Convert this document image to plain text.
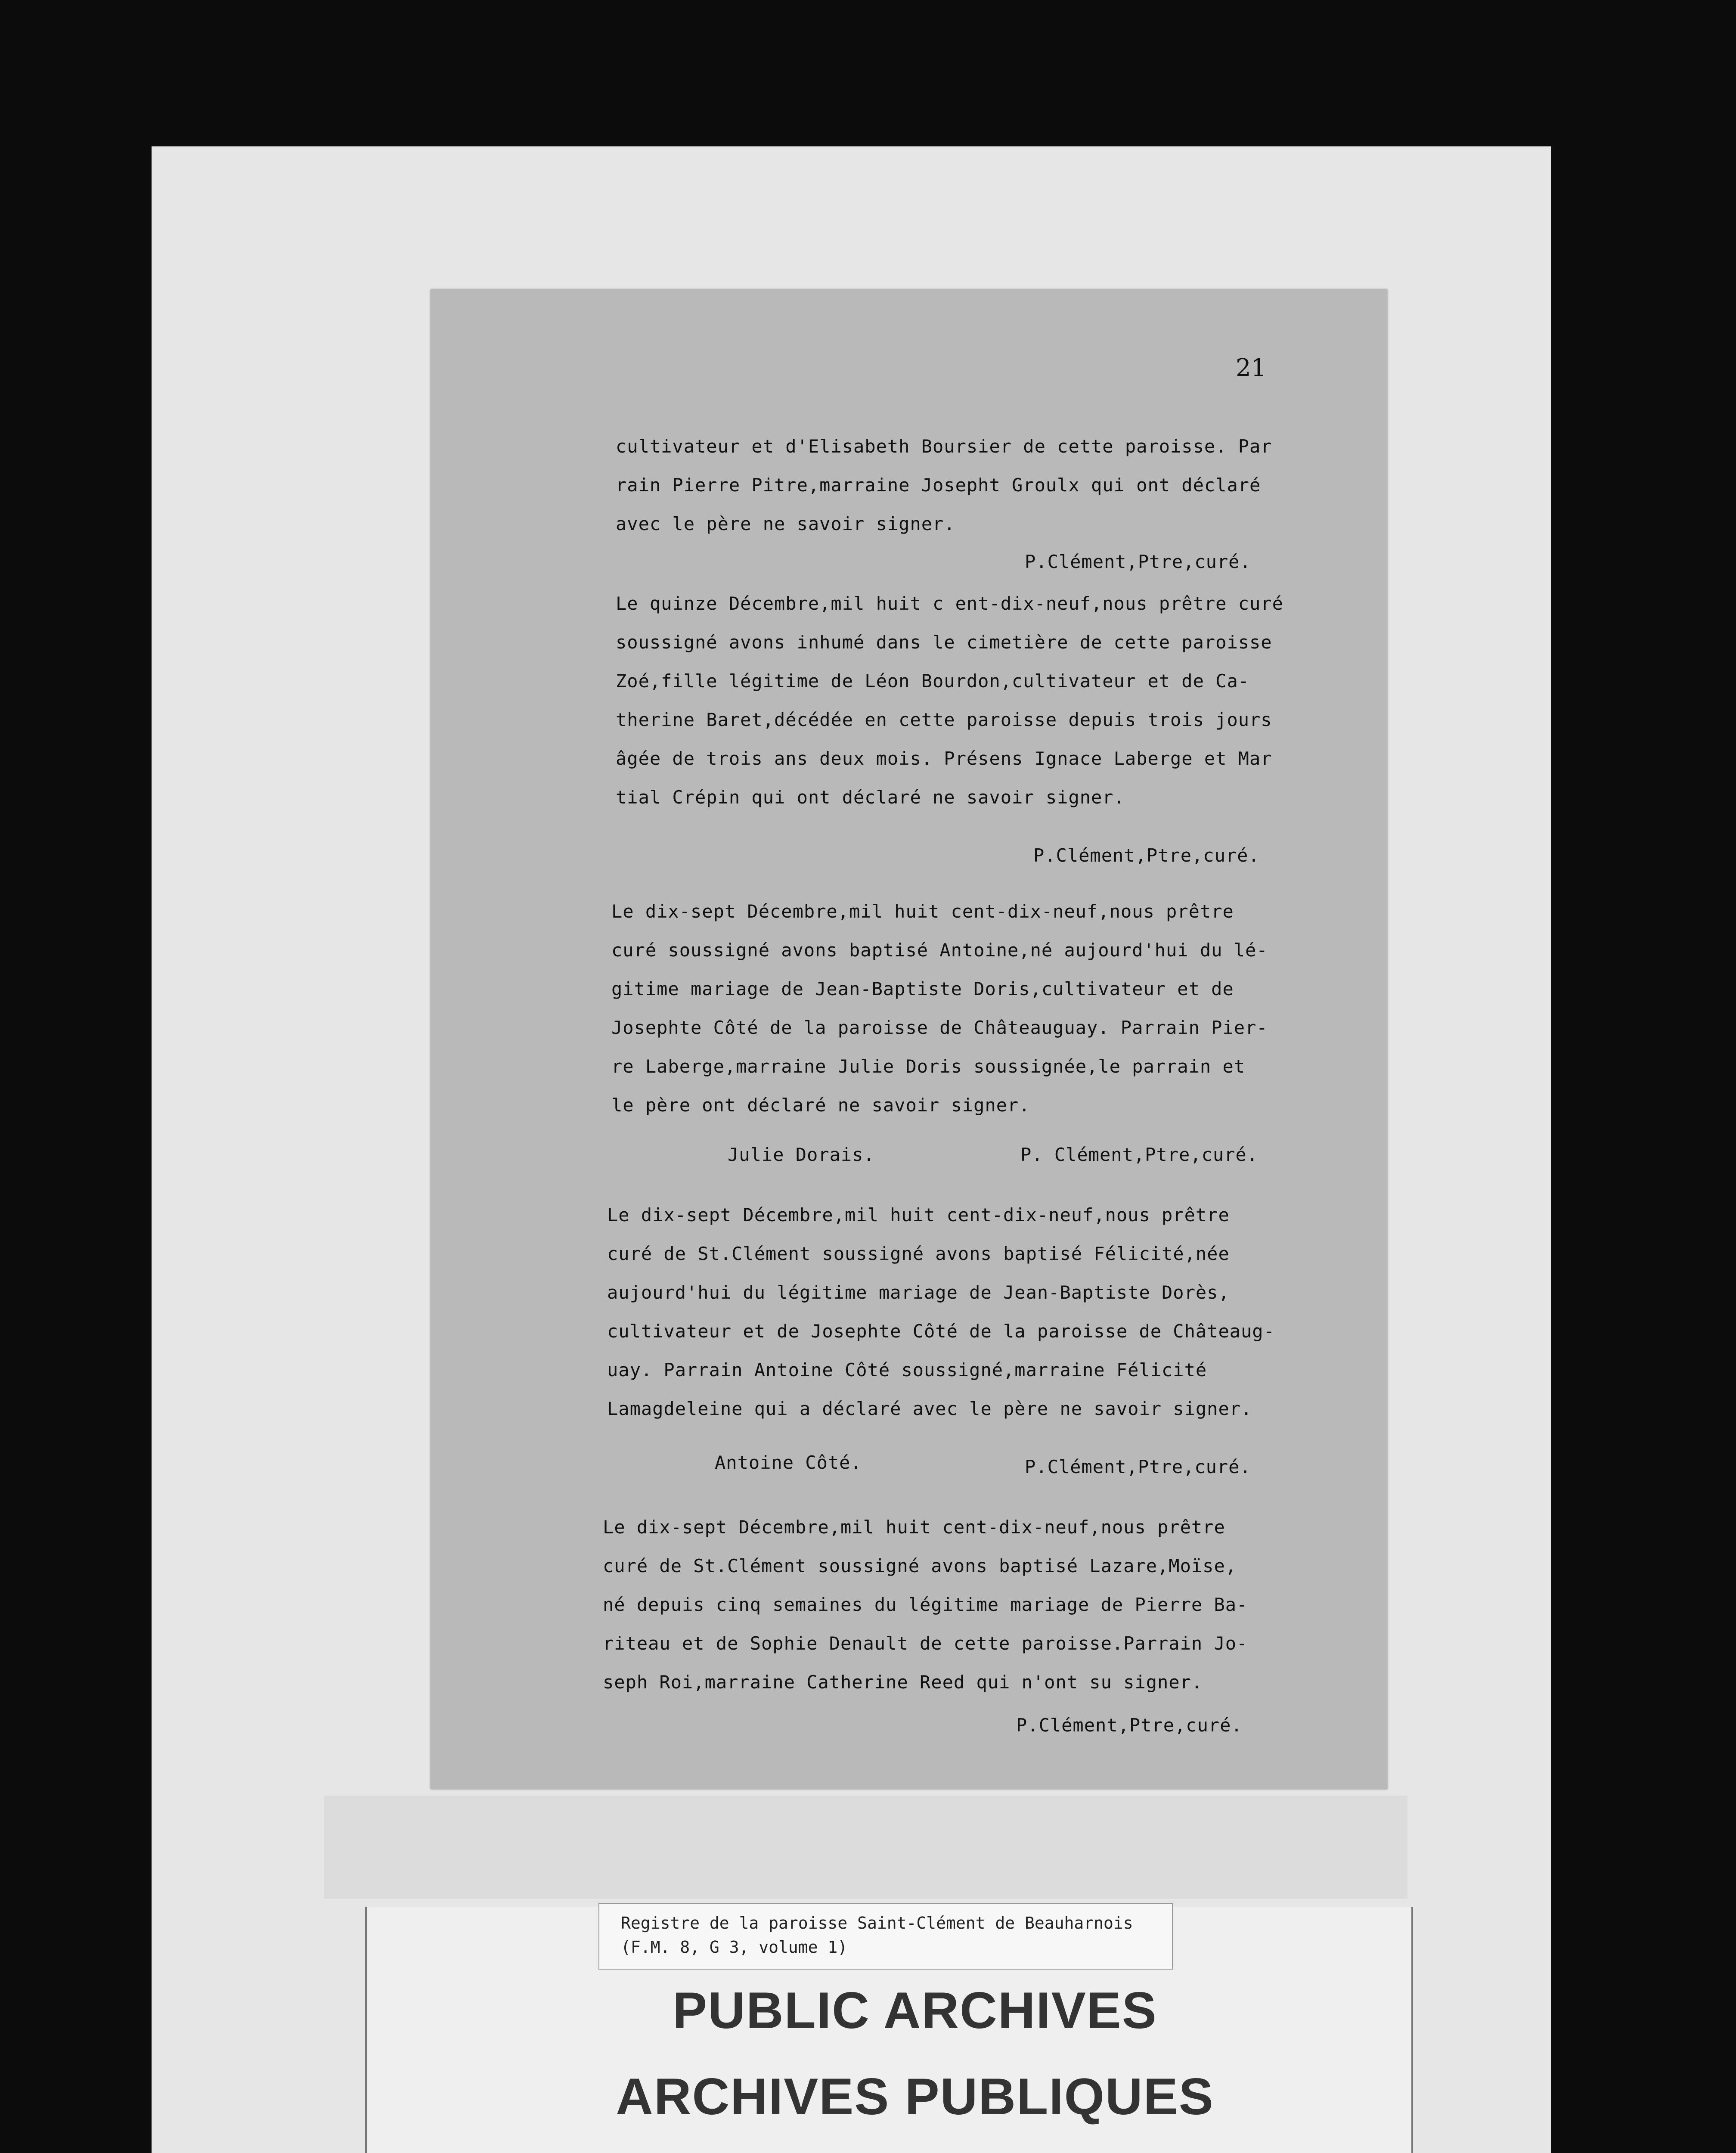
21
cultivateur et d'Elisabeth Boursier de cette paroisse. Par
rain Pierre Pitre,marraine Josepht Groulx qui ont déclaré
avec le père ne savoir signer.
P.Clément,Ptre,curé.
Le quinze Décembre,mil huit c ent-dix-neuf,nous prêtre curé
soussigné avons inhumé dans le cimetière de cette paroisse
Zoé,fille légitime de Léon Bourdon,cultivateur et de Ca-
therine Baret,décédée en cette paroisse depuis trois jours
âgée de trois ans deux mois. Présens Ignace Laberge et Mar
tial Crépin qui ont déclaré ne savoir signer.
P.Clément,Ptre,curé.
Le dix-sept Décembre,mil huit cent-dix-neuf,nous prêtre
curé soussigné avons baptisé Antoine,né aujourd'hui du lé-
gitime mariage de Jean-Baptiste Doris,cultivateur et de
Josephte Côté de la paroisse de Châteauguay. Parrain Pier-
re Laberge,marraine Julie Doris soussignée,le parrain et
le père ont déclaré ne savoir signer.
Julie Dorais.	P. Clément,Ptre,curé.
Le dix-sept Décembre,mil huit cent-dix-neuf,nous prêtre
curé de St.Clément soussigné avons baptisé Félicité,née
aujourd'hui du légitime mariage de Jean-Baptiste Dorès,
cultivateur et de Josephte Côté de la paroisse de Châteaug-
uay. Parrain Antoine Côté soussigné,marraine Félicité
Lamagdeleine qui a déclaré avec le père ne savoir signer.
Antoine Côté.	P.Clément,Ptre,curé.
Le dix-sept Décembre,mil huit cent-dix-neuf,nous prêtre
curé de St.Clément soussigné avons baptisé Lazare,Moïse,
né depuis cinq semaines du légitime mariage de Pierre Ba-
riteau et de Sophie Denault de cette paroisse.Parrain Jo-
seph Roi,marraine Catherine Reed qui n'ont su signer.
P.Clément,Ptre,curé.
Registre de la paroisse Saint-Clément de Beauharnois
(F.M. 8, G 3, volume 1)
PUBLIC ARCHIVES
ARCHIVES PUBLIQUES
